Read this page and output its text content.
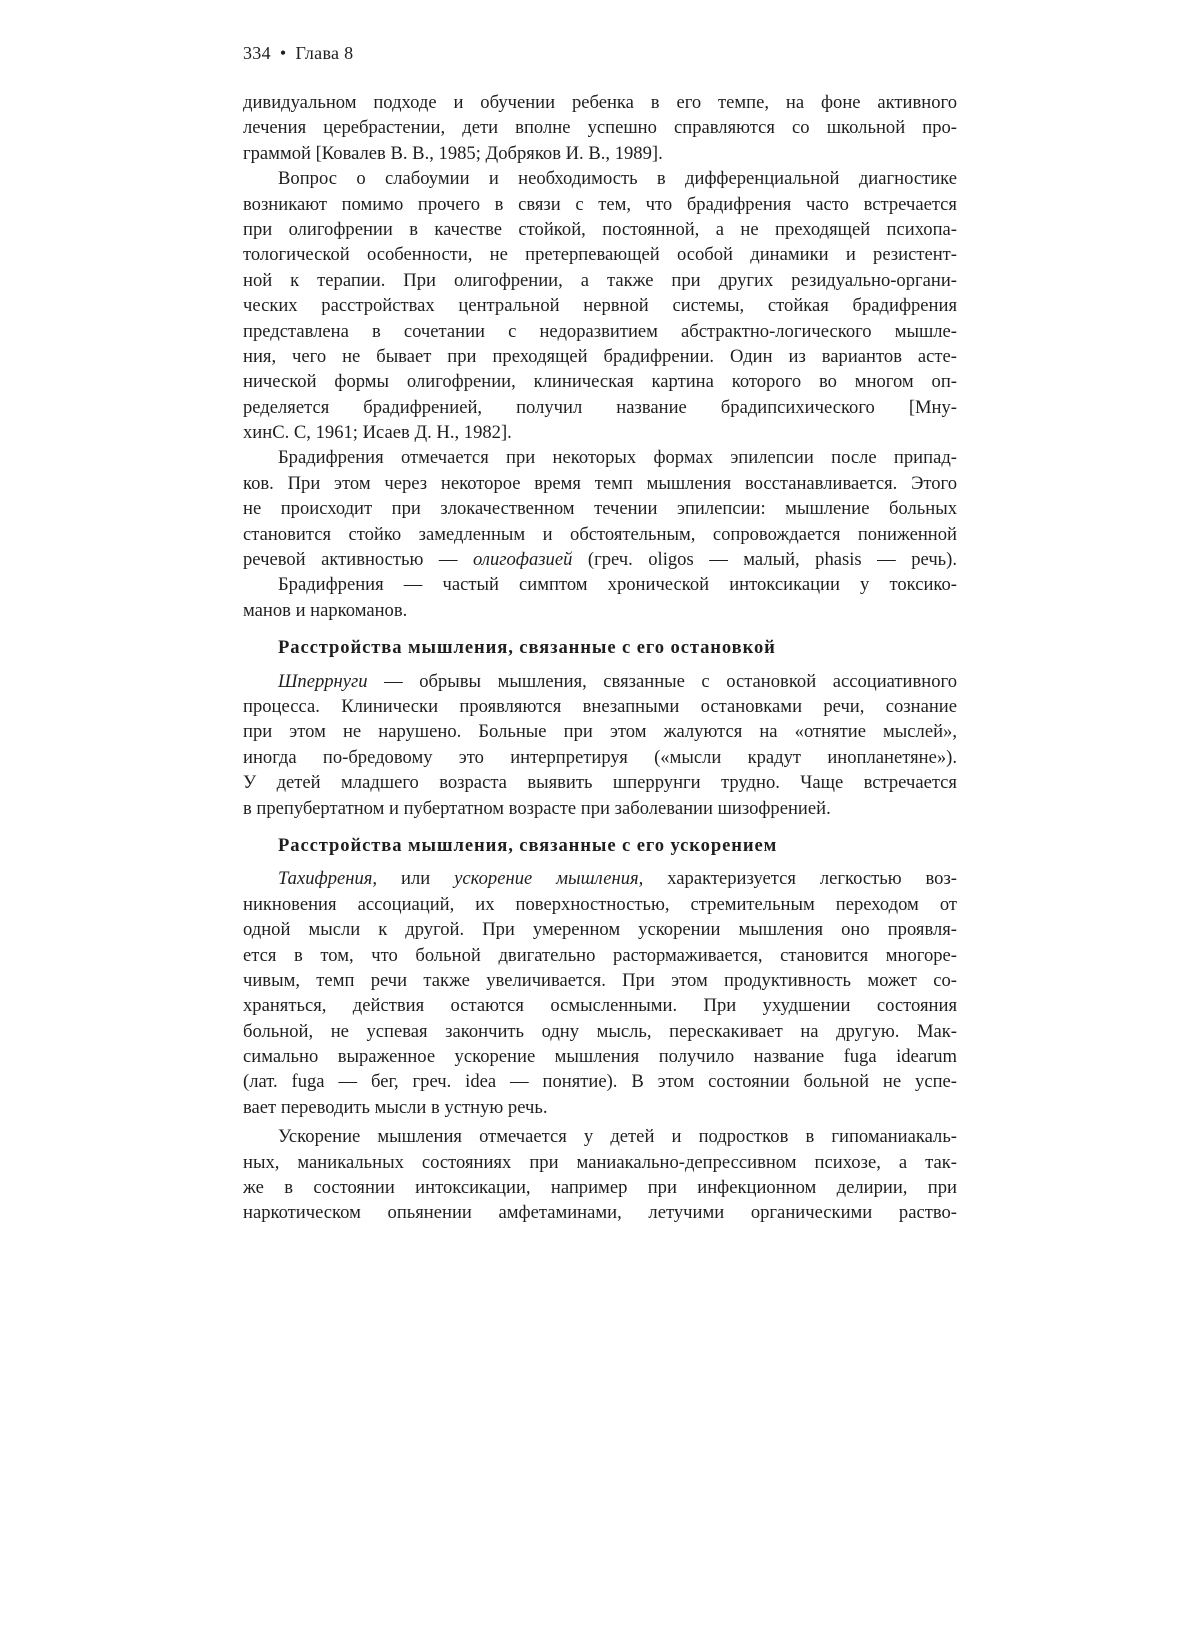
334 • Глава 8
дивидуальном подходе и обучении ребенка в его темпе, на фоне активного
лечения церебрастении, дети вполне успешно справляются со школьной про-
граммой [Ковалев В. В., 1985; Добряков И. В., 1989].
Вопрос о слабоумии и необходимость в дифференциальной диагностике
возникают помимо прочего в связи с тем, что брадифрения часто встречается
при олигофрении в качестве стойкой, постоянной, а не преходящей психопа-
тологической особенности, не претерпевающей особой динамики и резистент-
ной к терапии. При олигофрении, а также при других резидуально-органи-
ческих расстройствах центральной нервной системы, стойкая брадифрения
представлена в сочетании с недоразвитием абстрактно-логического мышле-
ния, чего не бывает при преходящей брадифрении. Один из вариантов асте-
нической формы олигофрении, клиническая картина которого во многом оп-
ределяется брадифренией, получил название брадипсихического [Мну-
хинС. С, 1961; Исаев Д. Н., 1982].
Брадифрения отмечается при некоторых формах эпилепсии после припад-
ков. При этом через некоторое время темп мышления восстанавливается. Этого
не происходит при злокачественном течении эпилепсии: мышление больных
становится стойко замедленным и обстоятельным, сопровождается пониженной
речевой активностью — олигофазией (греч. oligos — малый, phasis — речь).
Брадифрения — частый симптом хронической интоксикации у токсико-
манов и наркоманов.
Расстройства мышления, связанные с его остановкой
Шперрнуги — обрывы мышления, связанные с остановкой ассоциативного
процесса. Клинически проявляются внезапными остановками речи, сознание
при этом не нарушено. Больные при этом жалуются на «отнятие мыслей»,
иногда по-бредовому это интерпретируя («мысли крадут инопланетяне»).
У детей младшего возраста выявить шперрунги трудно. Чаще встречается
в препубертатном и пубертатном возрасте при заболевании шизофренией.
Расстройства мышления, связанные с его ускорением
Тахифрения, или ускорение мышления, характеризуется легкостью воз-
никновения ассоциаций, их поверхностностью, стремительным переходом от
одной мысли к другой. При умеренном ускорении мышления оно проявля-
ется в том, что больной двигательно растормаживается, становится многоре-
чивым, темп речи также увеличивается. При этом продуктивность может со-
храняться, действия остаются осмысленными. При ухудшении состояния
больной, не успевая закончить одну мысль, перескакивает на другую. Мак-
симально выраженное ускорение мышления получило название fuga idearum
(лат. fuga — бег, греч. idea — понятие). В этом состоянии больной не успе-
вает переводить мысли в устную речь.
Ускорение мышления отмечается у детей и подростков в гипоманиакаль-
ных, маникальных состояниях при маниакально-депрессивном психозе, а так-
же в состоянии интоксикации, например при инфекционном делирии, при
наркотическом опьянении амфетаминами, летучими органическими раство-
